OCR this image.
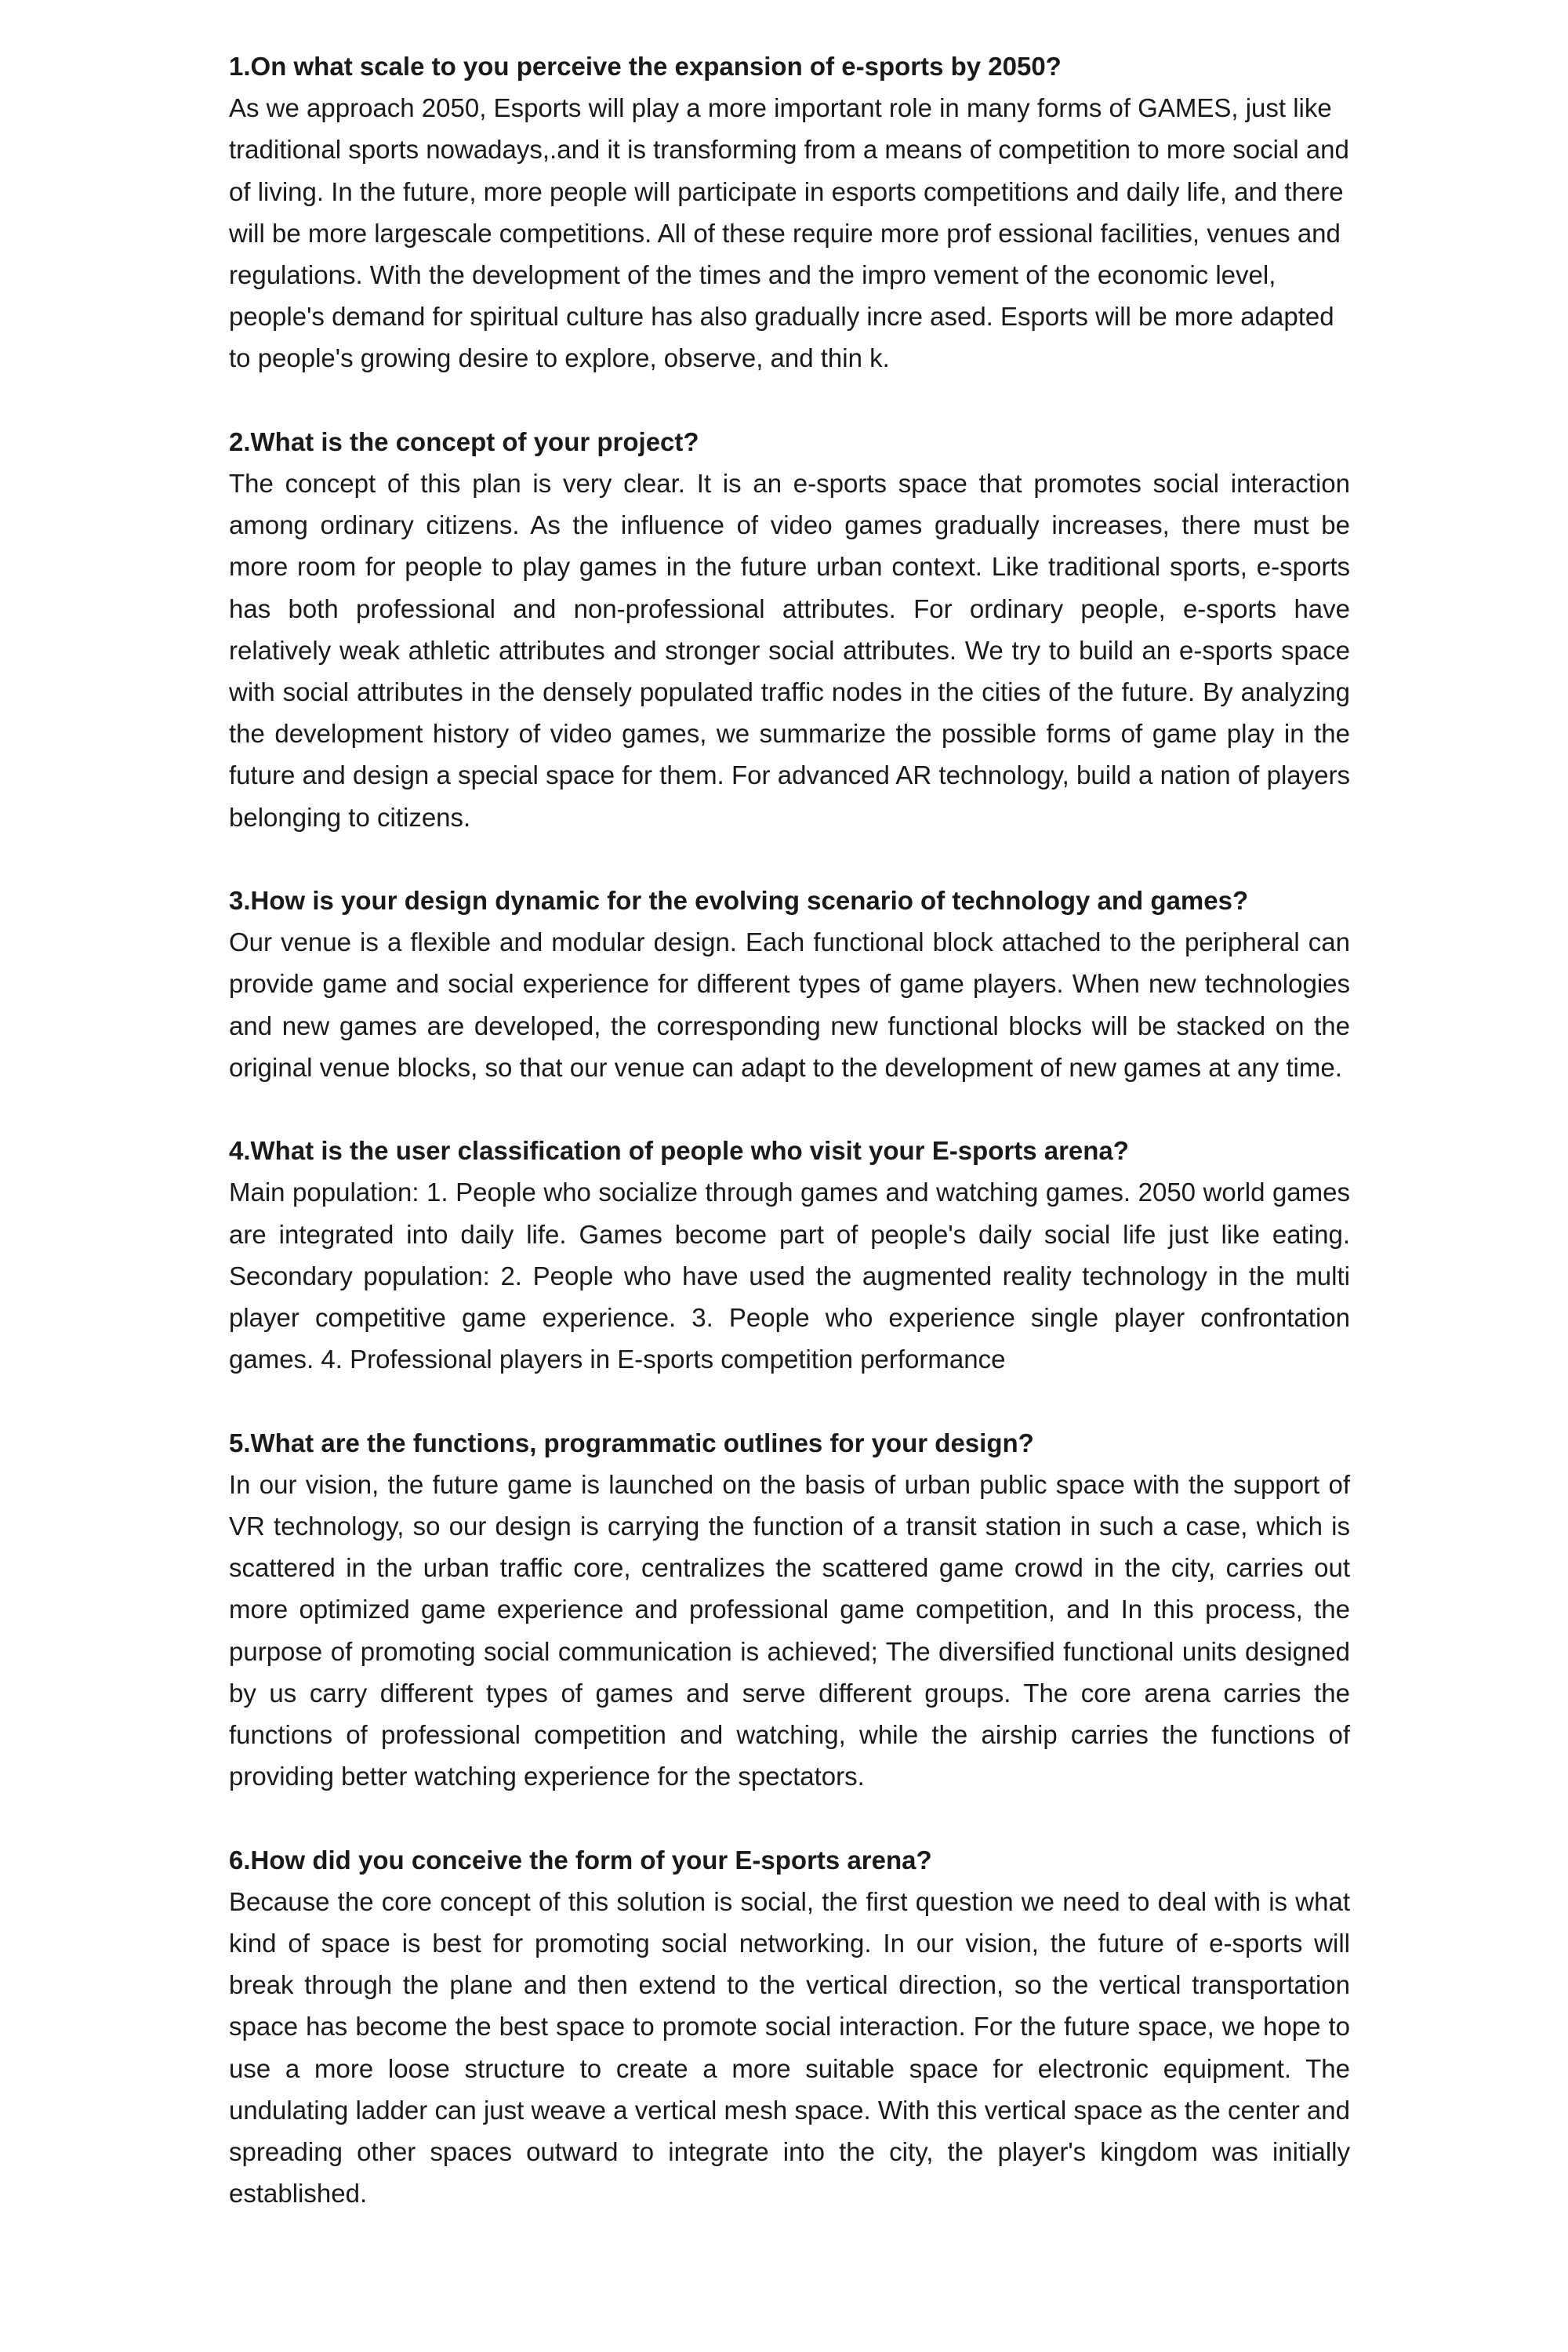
1.On what scale to you perceive the expansion of e-sports by 2050?

As we approach 2050, Esports will play a more important role in many forms of GAMES, just like traditional sports nowadays,.and it is transforming from a means of competition to more social and of living. In the future, more people will participate in esports competitions and daily life, and there will be more largescale competitions. All of these require more prof essional facilities, venues and regulations. With the development of the times and the impro vement of the economic level, people's demand for spiritual culture has also gradually incre ased. Esports will be more adapted to people's growing desire to explore, observe, and thin k.

2.What is the concept of your project?

The concept of this plan is very clear. It is an e-sports space that promotes social interaction among ordinary citizens. As the influence of video games gradually increases, there must be more room for people to play games in the future urban context. Like traditional sports, e-sports has both professional and non-professional attributes. For ordinary people, e-sports have relatively weak athletic attributes and stronger social attributes. We try to build an e-sports space with social attributes in the densely populated traffic nodes in the cities of the future. By analyzing the development history of video games, we summarize the possible forms of game play in the future and design a special space for them. For advanced AR technology, build a nation of players belonging to citizens.

3.How is your design dynamic for the evolving scenario of technology and games?

Our venue is a flexible and modular design. Each functional block attached to the peripheral can provide game and social experience for different types of game players. When new technologies and new games are developed, the corresponding new functional blocks will be stacked on the original venue blocks, so that our venue can adapt to the development of new games at any time.

4.What is the user classification of people who visit your E-sports arena?

Main population: 1. People who socialize through games and watching games. 2050 world games are integrated into daily life. Games become part of people's daily social life just like eating. Secondary population: 2. People who have used the augmented reality technology in the multi player competitive game experience. 3. People who experience single player confrontation games. 4. Professional players in E-sports competition performance

5.What are the functions, programmatic outlines for your design?

In our vision, the future game is launched on the basis of urban public space with the support of VR technology, so our design is carrying the function of a transit station in such a case, which is scattered in the urban traffic core, centralizes the scattered game crowd in the city, carries out more optimized game experience and professional game competition, and In this process, the purpose of promoting social communication is achieved; The diversified functional units designed by us carry different types of games and serve different groups. The core arena carries the functions of professional competition and watching, while the airship carries the functions of providing better watching experience for the spectators.

6.How did you conceive the form of your E-sports arena?

Because the core concept of this solution is social, the first question we need to deal with is what kind of space is best for promoting social networking. In our vision, the future of e-sports will break through the plane and then extend to the vertical direction, so the vertical transportation space has become the best space to promote social interaction. For the future space, we hope to use a more loose structure to create a more suitable space for electronic equipment. The undulating ladder can just weave a vertical mesh space. With this vertical space as the center and spreading other spaces outward to integrate into the city, the player's kingdom was initially established.
